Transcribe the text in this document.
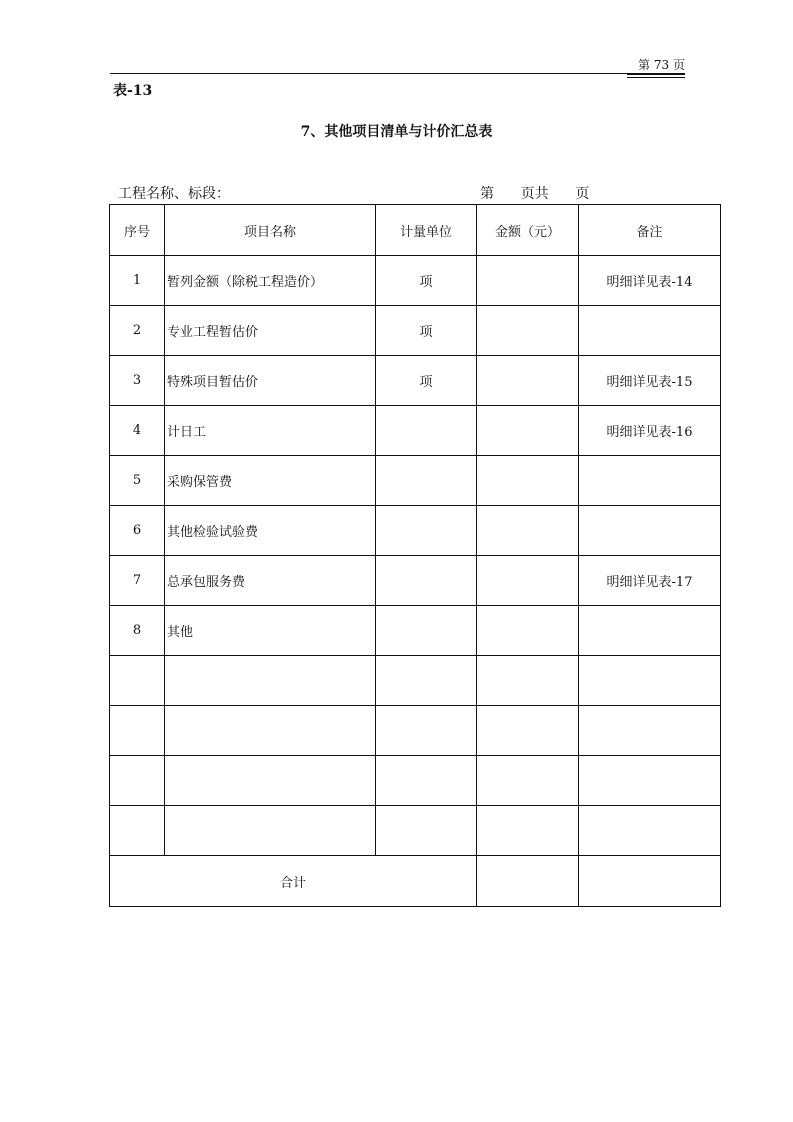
第 73 页
表-13
7、其他项目清单与计价汇总表
工程名称、标段：	第      页共      页
序号	项目名称	计量单位	金额（元）	备注
1	暂列金额（除税工程造价）	项		明细详见表-14
2	专业工程暂估价	项		
3	特殊项目暂估价	项		明细详见表-15
4	计日工			明细详见表-16
5	采购保管费			
6	其他检验试验费			
7	总承包服务费			明细详见表-17
8	其他			

合计				
